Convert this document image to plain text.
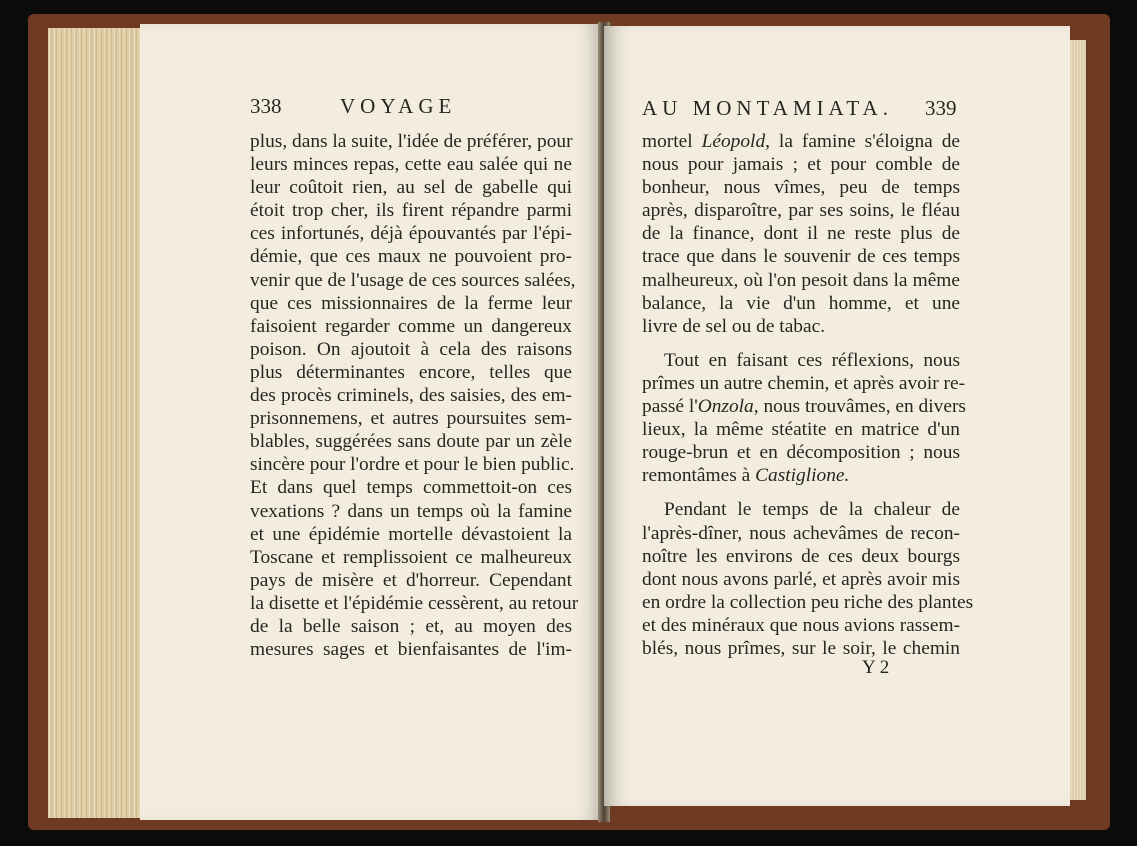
338	VOYAGE
plus, dans la suite, l'idée de préférer, pour
leurs minces repas, cette eau salée qui ne
leur coûtoit rien, au sel de gabelle qui
étoit trop cher, ils firent répandre parmi
ces infortunés, déjà épouvantés par l'épi-
démie, que ces maux ne pouvoient pro-
venir que de l'usage de ces sources salées,
que ces missionnaires de la ferme leur
faisoient regarder comme un dangereux
poison. On ajoutoit à cela des raisons
plus déterminantes encore, telles que
des procès criminels, des saisies, des em-
prisonnemens, et autres poursuites sem-
blables, suggérées sans doute par un zèle
sincère pour l'ordre et pour le bien public.
Et dans quel temps commettoit-on ces
vexations ? dans un temps où la famine
et une épidémie mortelle dévastoient la
Toscane et remplissoient ce malheureux
pays de misère et d'horreur. Cependant
la disette et l'épidémie cessèrent, au retour
de la belle saison ; et, au moyen des
mesures sages et bienfaisantes de l'im-
AU MONTAMIATA. 339
mortel Léopold, la famine s'éloigna de
nous pour jamais ; et pour comble de
bonheur, nous vîmes, peu de temps
après, disparoître, par ses soins, le fléau
de la finance, dont il ne reste plus de
trace que dans le souvenir de ces temps
malheureux, où l'on pesoit dans la même
balance, la vie d'un homme, et une
livre de sel ou de tabac.
Tout en faisant ces réflexions, nous
prîmes un autre chemin, et après avoir re-
passé l'Onzola, nous trouvâmes, en divers
lieux, la même stéatite en matrice d'un
rouge-brun et en décomposition ; nous
remontâmes à Castiglione.
Pendant le temps de la chaleur de
l'après-dîner, nous achevâmes de recon-
noître les environs de ces deux bourgs
dont nous avons parlé, et après avoir mis
en ordre la collection peu riche des plantes
et des minéraux que nous avions rassem-
blés, nous prîmes, sur le soir, le chemin
Y 2
